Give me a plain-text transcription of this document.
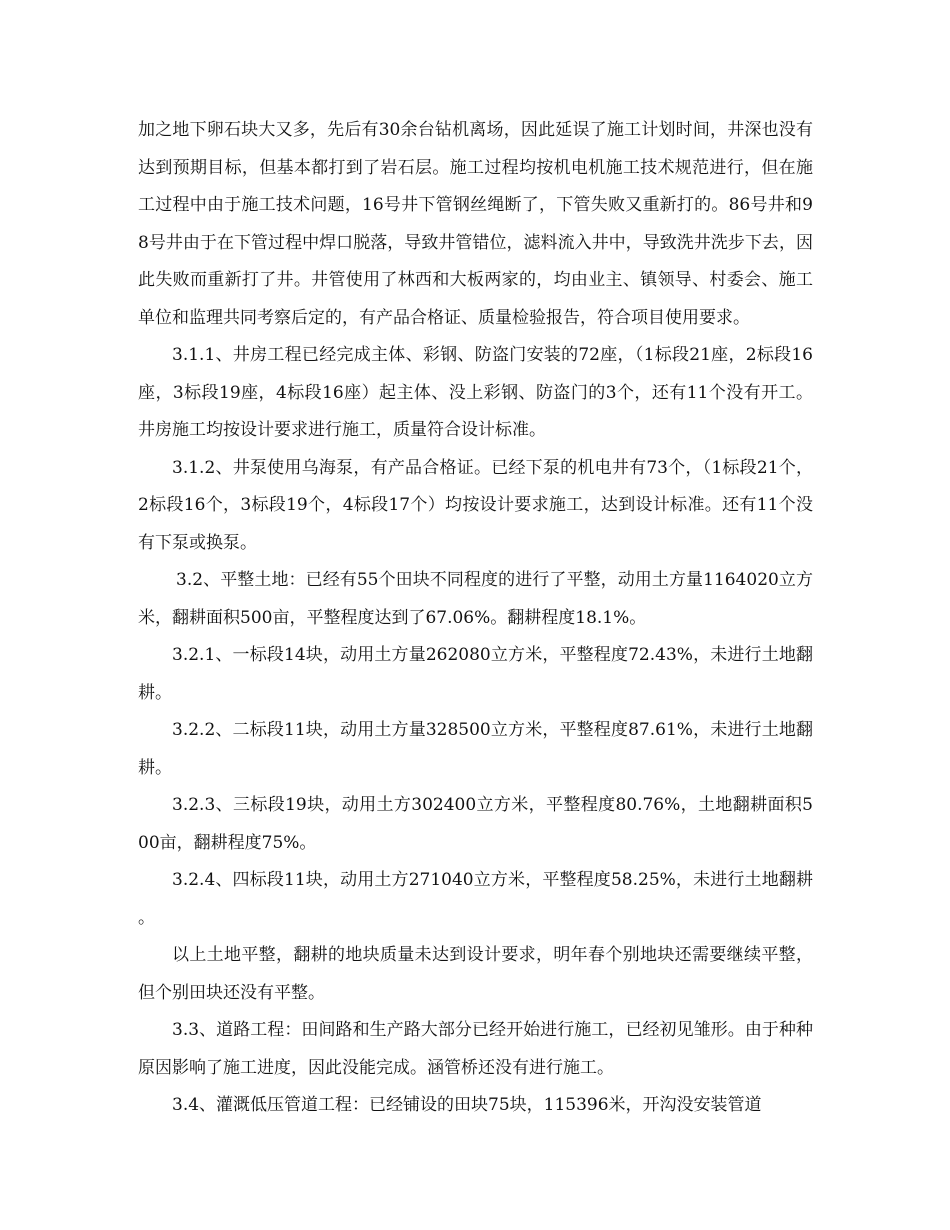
加之地下卵石块大又多，先后有30余台钻机离场，因此延误了施工计划时间，井深也没有达到预期目标，但基本都打到了岩石层。施工过程均按机电机施工技术规范进行，但在施工过程中由于施工技术问题，16号井下管钢丝绳断了，下管失败又重新打的。86号井和98号井由于在下管过程中焊口脱落，导致井管错位，滤料流入井中，导致洗井洗步下去，因此失败而重新打了井。井管使用了林西和大板两家的，均由业主、镇领导、村委会、施工单位和监理共同考察后定的，有产品合格证、质量检验报告，符合项目使用要求。

3.1.1、井房工程已经完成主体、彩钢、防盗门安装的72座，（1标段21座，2标段16座，3标段19座，4标段16座）起主体、没上彩钢、防盗门的3个，还有11个没有开工。井房施工均按设计要求进行施工，质量符合设计标准。

3.1.2、井泵使用乌海泵，有产品合格证。已经下泵的机电井有73个，（1标段21个，2标段16个，3标段19个，4标段17个）均按设计要求施工，达到设计标准。还有11个没有下泵或换泵。

3.2、平整土地：已经有55个田块不同程度的进行了平整，动用土方量1164020立方米，翻耕面积500亩，平整程度达到了67.06%。翻耕程度18.1%。

3.2.1、一标段14块，动用土方量262080立方米，平整程度72.43%，未进行土地翻耕。

3.2.2、二标段11块，动用土方量328500立方米，平整程度87.61%，未进行土地翻耕。

3.2.3、三标段19块，动用土方302400立方米，平整程度80.76%，土地翻耕面积500亩，翻耕程度75%。

3.2.4、四标段11块，动用土方271040立方米，平整程度58.25%，未进行土地翻耕。

以上土地平整，翻耕的地块质量未达到设计要求，明年春个别地块还需要继续平整，但个别田块还没有平整。

3.3、道路工程：田间路和生产路大部分已经开始进行施工，已经初见雏形。由于种种原因影响了施工进度，因此没能完成。涵管桥还没有进行施工。

3.4、灌溉低压管道工程：已经铺设的田块75块，115396米，开沟没安装管道
